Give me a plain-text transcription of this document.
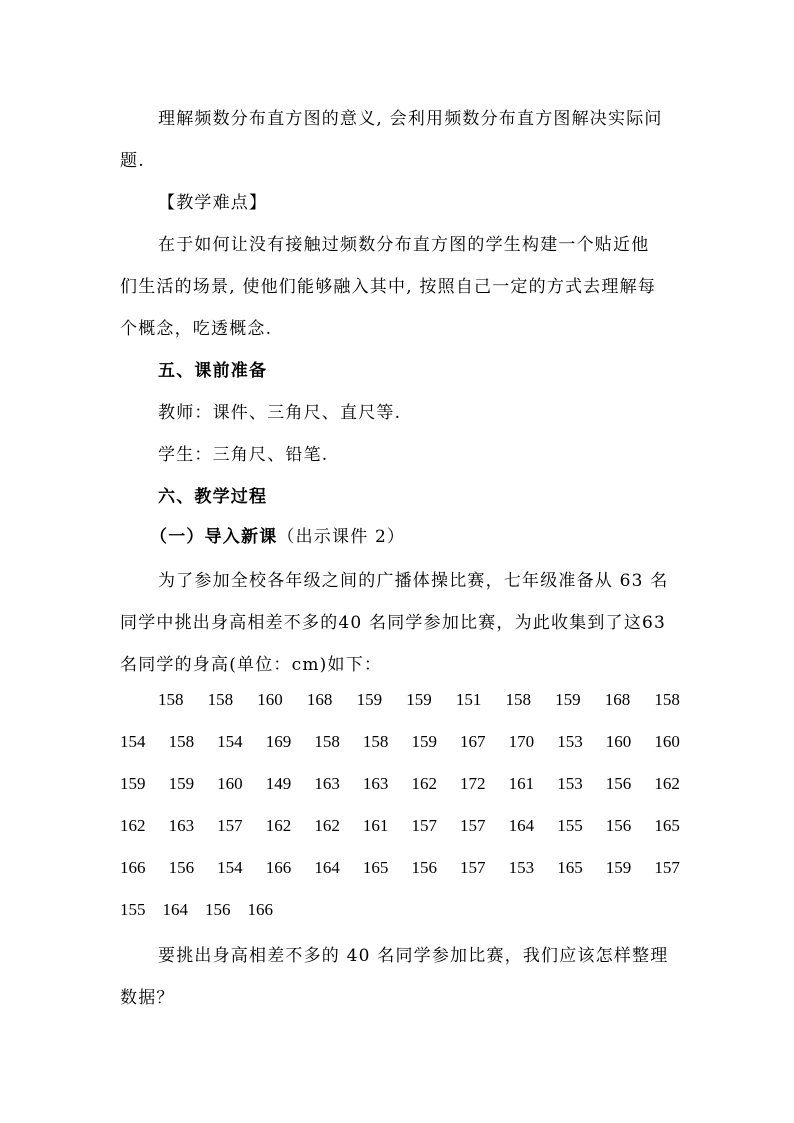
理解频数分布直方图的意义, 会利用频数分布直方图解决实际问
题.
【教学难点】
在于如何让没有接触过频数分布直方图的学生构建一个贴近他
们生活的场景, 使他们能够融入其中, 按照自己一定的方式去理解每
个概念，吃透概念.
五、课前准备
教师：课件、三角尺、直尺等.
学生：三角尺、铅笔.
六、教学过程
（一）导入新课（出示课件 2）
为了参加全校各年级之间的广播体操比赛，七年级准备从 63 名
同学中挑出身高相差不多的40 名同学参加比赛，为此收集到了这63
名同学的身高(单位：cm)如下：
158 158 160 168 159 159 151 158 159 168 158
154 158 154 169 158 158 159 167 170 153 160 160
159 159 160 149 163 163 162 172 161 153 156 162
162 163 157 162 162 161 157 157 164 155 156 165
166 156 154 166 164 165 156 157 153 165 159 157
155 164 156 166
要挑出身高相差不多的 40 名同学参加比赛，我们应该怎样整理
数据？
